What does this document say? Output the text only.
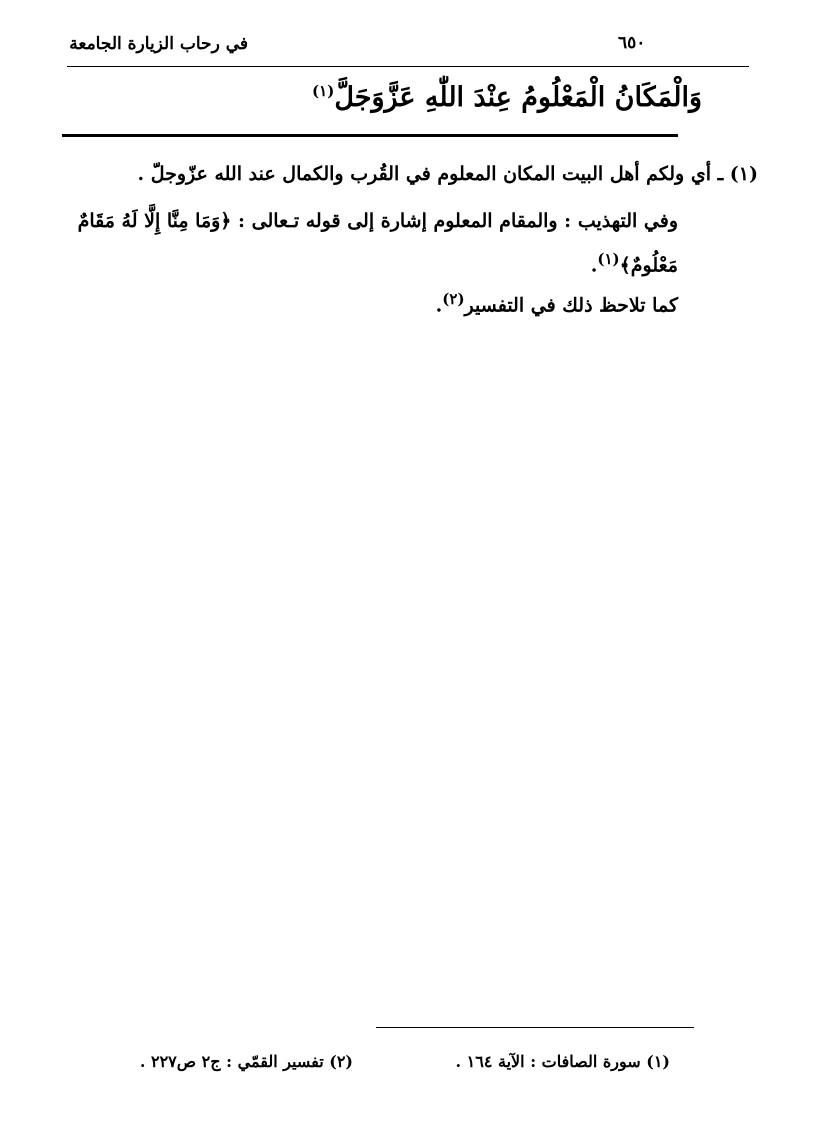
في رحاب الزيارة الجامعة	٦٥٠
وَالْمَكَانُ الْمَعْلُومُ عِنْدَ اللّٰهِ عَزَّوَجَلَّ$^{(١)}$
(١) ـ أي ولكم أهل البيت المكان المعلوم في القُرب والكمال عند الله عزّوجلّ .
وفي التهذيب : والمقام المعلوم إشارة إلى قوله تـعالى : ﴿وَمَا مِنَّا إِلَّا لَهُ مَقَامٌ
مَعْلُومٌ﴾$^{(١)}$.
كما تلاحظ ذلك في التفسير$^{(٢)}$.
(١) سورة الصافات : الآية ١٦٤ .
(٢) تفسير القمّي : ج٢ ص٢٢٧ .
